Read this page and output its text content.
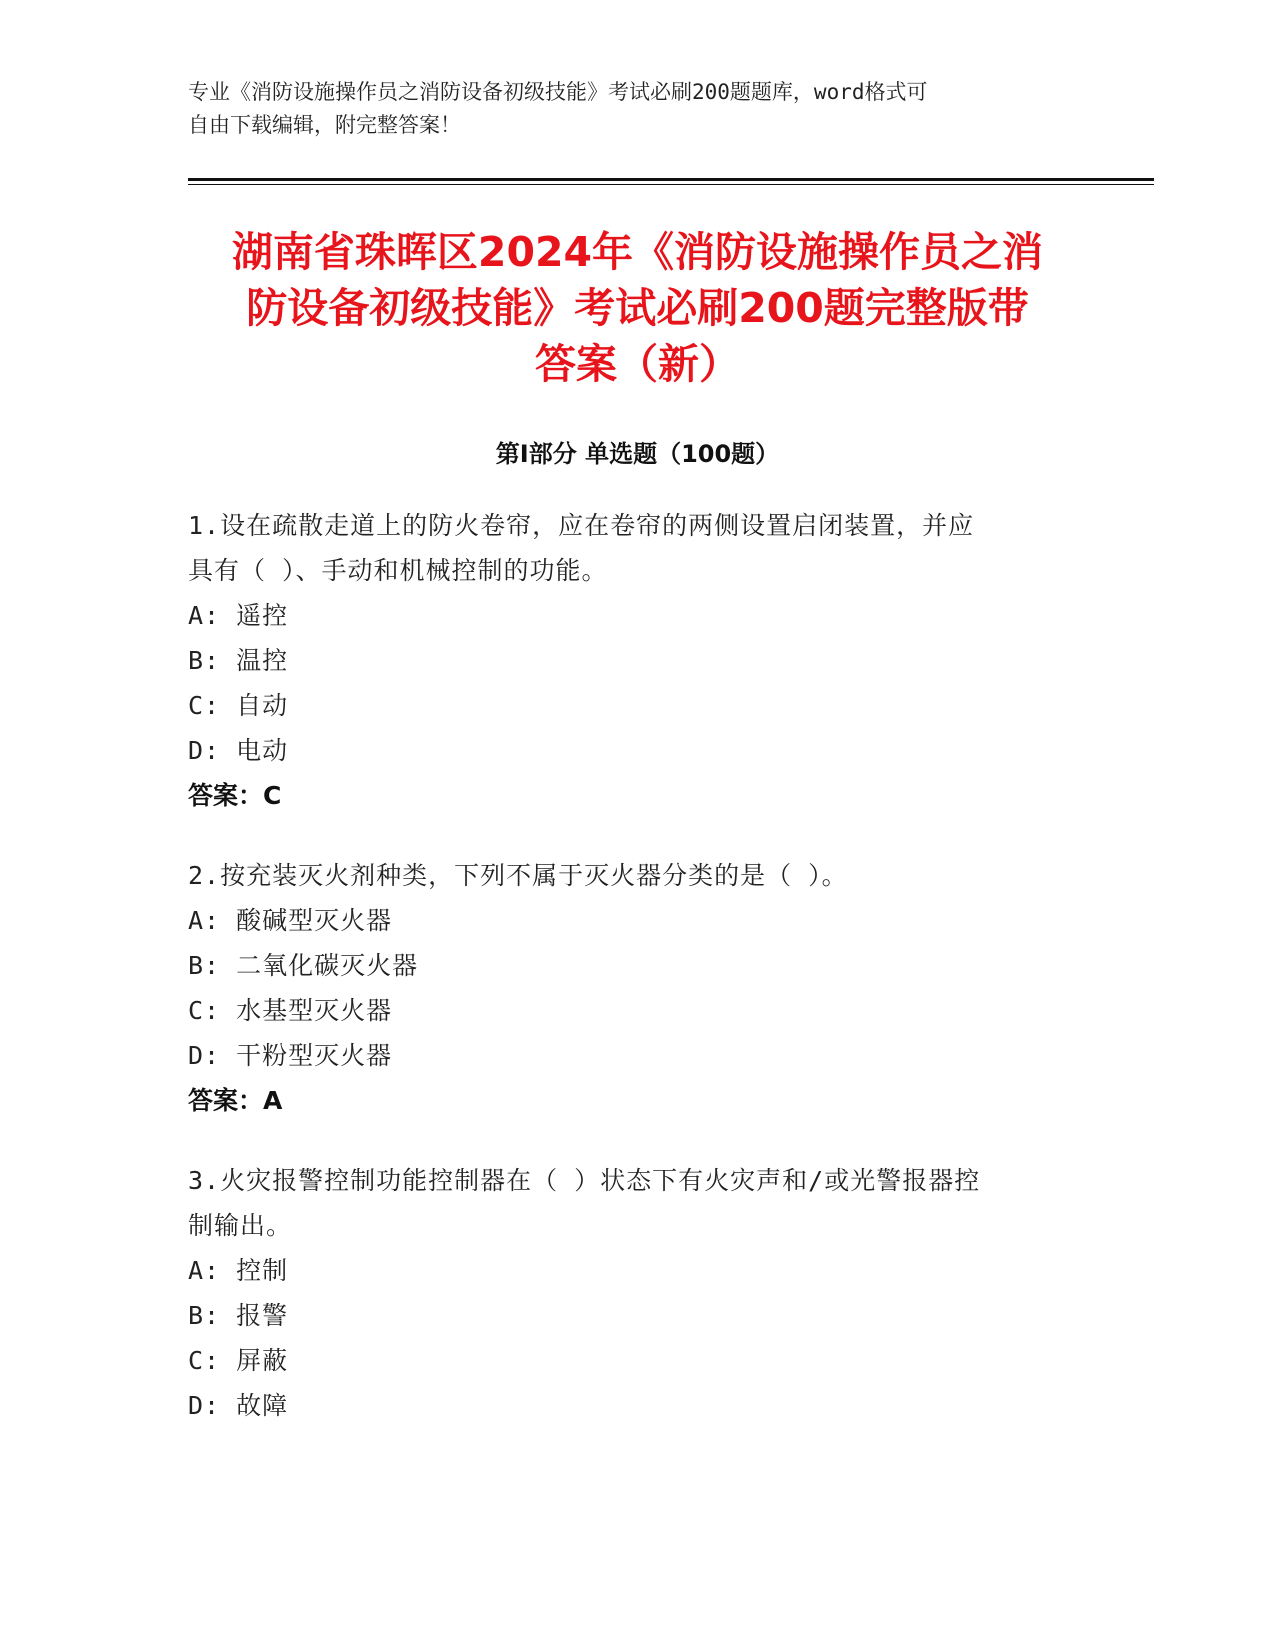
专业《消防设施操作员之消防设备初级技能》考试必刷200题题库，word格式可
自由下载编辑，附完整答案！
湖南省珠晖区2024年《消防设施操作员之消
防设备初级技能》考试必刷200题完整版带
答案（新）
第Ⅰ部分 单选题（100题）
1.设在疏散走道上的防火卷帘，应在卷帘的两侧设置启闭装置，并应
具有（ ）、手动和机械控制的功能。
A: 遥控
B: 温控
C: 自动
D: 电动
答案：C
2.按充装灭火剂种类，下列不属于灭火器分类的是（ ）。
A: 酸碱型灭火器
B: 二氧化碳灭火器
C: 水基型灭火器
D: 干粉型灭火器
答案：A
3.火灾报警控制功能控制器在（ ）状态下有火灾声和/或光警报器控
制输出。
A: 控制
B: 报警
C: 屏蔽
D: 故障
